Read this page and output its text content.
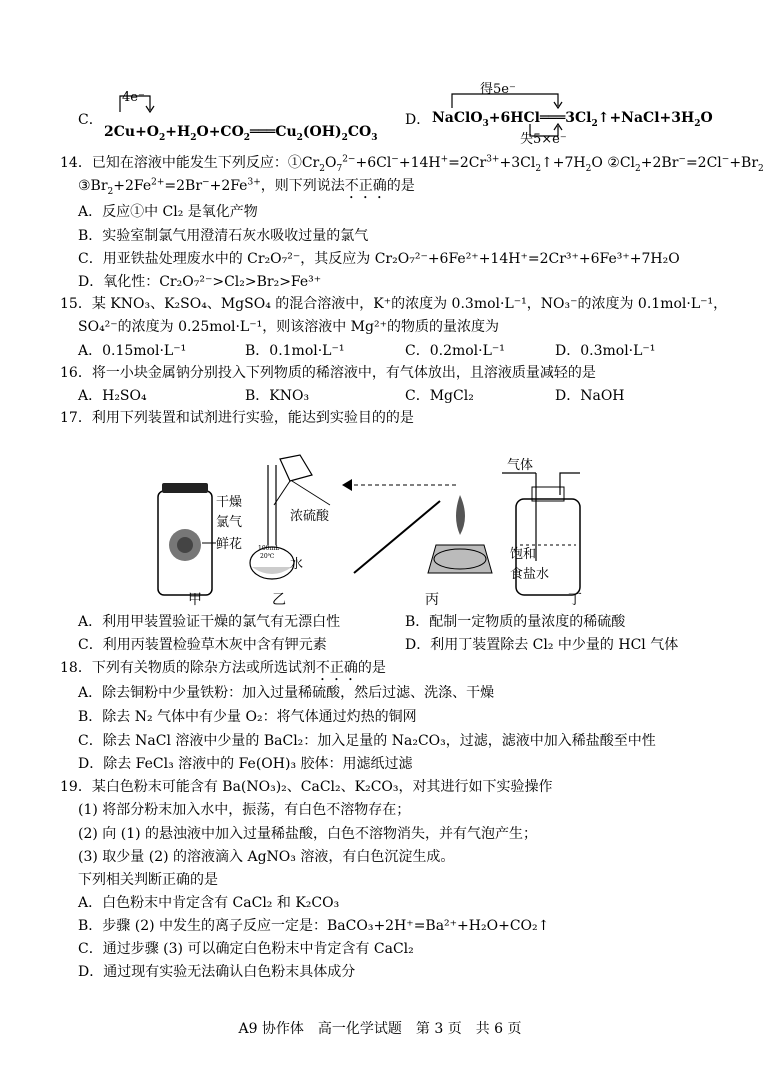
C．
4e⁻
$2Cu+O_2+H_2O+CO_2═══Cu_2(OH)_2CO_3$
D．
得5e⁻
$NaClO_3+6HCl═══3Cl_2↑+NaCl+3H_2O$
失5×e⁻
14．已知在溶液中能发生下列反应：$①Cr_2O_7^{2-}+6Cl^-+14H^+=2Cr^{3+}+3Cl_2↑+7H_2O$ $②Cl_2+2Br^-=2Cl^-+Br_2$
$③Br_2+2Fe^{2+}=2Br^-+2Fe^{3+}$，则下列说法不正确的是
A．反应①中 Cl₂ 是氧化产物
B．实验室制氯气用澄清石灰水吸收过量的氯气
C．用亚铁盐处理废水中的 Cr₂O₇²⁻，其反应为 Cr₂O₇²⁻+6Fe²⁺+14H⁺=2Cr³⁺+6Fe³⁺+7H₂O
D．氧化性：Cr₂O₇²⁻>Cl₂>Br₂>Fe³⁺
15．某 KNO₃、K₂SO₄、MgSO₄ 的混合溶液中，K⁺的浓度为 0.3mol·L⁻¹，NO₃⁻的浓度为 0.1mol·L⁻¹，
SO₄²⁻的浓度为 0.25mol·L⁻¹，则该溶液中 Mg²⁺的物质的量浓度为
A．0.15mol·L⁻¹	B．0.1mol·L⁻¹	C．0.2mol·L⁻¹	D．0.3mol·L⁻¹
16．将一小块金属钠分别投入下列物质的稀溶液中，有气体放出，且溶液质量减轻的是
A．H₂SO₄	B．KNO₃	C．MgCl₂	D．NaOH
17．利用下列装置和试剂进行实验，能达到实验目的的是
干燥
氯气
鲜花
浓硫酸
水
100mL
20℃
气体
饱和
食盐水
甲	乙	丙	丁
A．利用甲装置验证干燥的氯气有无漂白性	B．配制一定物质的量浓度的稀硫酸
C．利用丙装置检验草木灰中含有钾元素	D．利用丁装置除去 Cl₂ 中少量的 HCl 气体
18．下列有关物质的除杂方法或所选试剂不正确的是
A．除去铜粉中少量铁粉：加入过量稀硫酸，然后过滤、洗涤、干燥
B．除去 N₂ 气体中有少量 O₂：将气体通过灼热的铜网
C．除去 NaCl 溶液中少量的 BaCl₂：加入足量的 Na₂CO₃，过滤，滤液中加入稀盐酸至中性
D．除去 FeCl₃ 溶液中的 Fe(OH)₃ 胶体：用滤纸过滤
19．某白色粉末可能含有 Ba(NO₃)₂、CaCl₂、K₂CO₃，对其进行如下实验操作
(1) 将部分粉末加入水中，振荡，有白色不溶物存在；
(2) 向 (1) 的悬浊液中加入过量稀盐酸，白色不溶物消失，并有气泡产生；
(3) 取少量 (2) 的溶液滴入 AgNO₃ 溶液，有白色沉淀生成。
下列相关判断正确的是
A．白色粉末中肯定含有 CaCl₂ 和 K₂CO₃
B．步骤 (2) 中发生的离子反应一定是：BaCO₃+2H⁺=Ba²⁺+H₂O+CO₂↑
C．通过步骤 (3) 可以确定白色粉末中肯定含有 CaCl₂
D．通过现有实验无法确认白色粉末具体成分
A9 协作体　高一化学试题　第 3 页　共 6 页
